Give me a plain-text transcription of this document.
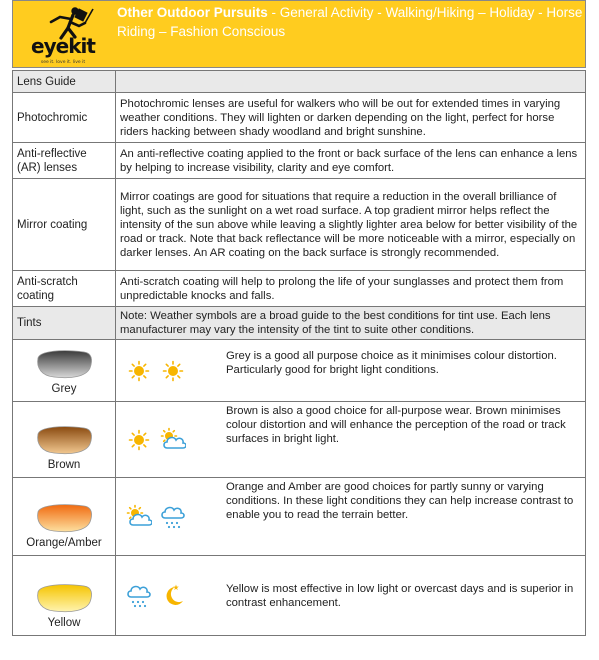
eyekit
see it. love it. live it
Other Outdoor Pursuits - General Activity - Walking/Hiking – Holiday - Horse Riding – Fashion Conscious
Lens Guide	
Photochromic	Photochromic lenses are useful for walkers who will be out for extended times in varying weather conditions. They will lighten or darken depending on the light, perfect for horse riders hacking between shady woodland and bright sunshine.
Anti-reflective (AR) lenses	An anti-reflective coating applied to the front or back surface of the lens can enhance a lens by helping to increase visibility, clarity and eye comfort.
Mirror coating	Mirror coatings are good for situations that require a reduction in the overall brilliance of light, such as the sunlight on a wet road surface. A top gradient mirror helps reflect the intensity of the sun above while leaving a slightly lighter area below for better visibility of the road or track. Note that back reflectance will be more noticeable with a mirror, especially on darker lenses. An AR coating on the back surface is strongly recommended.
Anti-scratch coating	Anti-scratch coating will help to prolong the life of your sunglasses and protect them from unpredictable knocks and falls.
Tints	Note: Weather symbols are a broad guide to the best conditions for tint use. Each lens manufacturer may vary the intensity of the tint to suite other conditions.

Grey	Grey is a good all purpose choice as it minimises colour distortion. Particularly good for bright light conditions.

Brown	Brown is also a good choice for all-purpose wear. Brown minimises colour distortion and will enhance the perception of the road or track surfaces in bright light.

Orange/Amber	Orange and Amber are good choices for partly sunny or varying conditions. In these light conditions they can help increase contrast to enable you to read the terrain better.

Yellow	Yellow is most effective in low light or overcast days and is superior in contrast enhancement.
